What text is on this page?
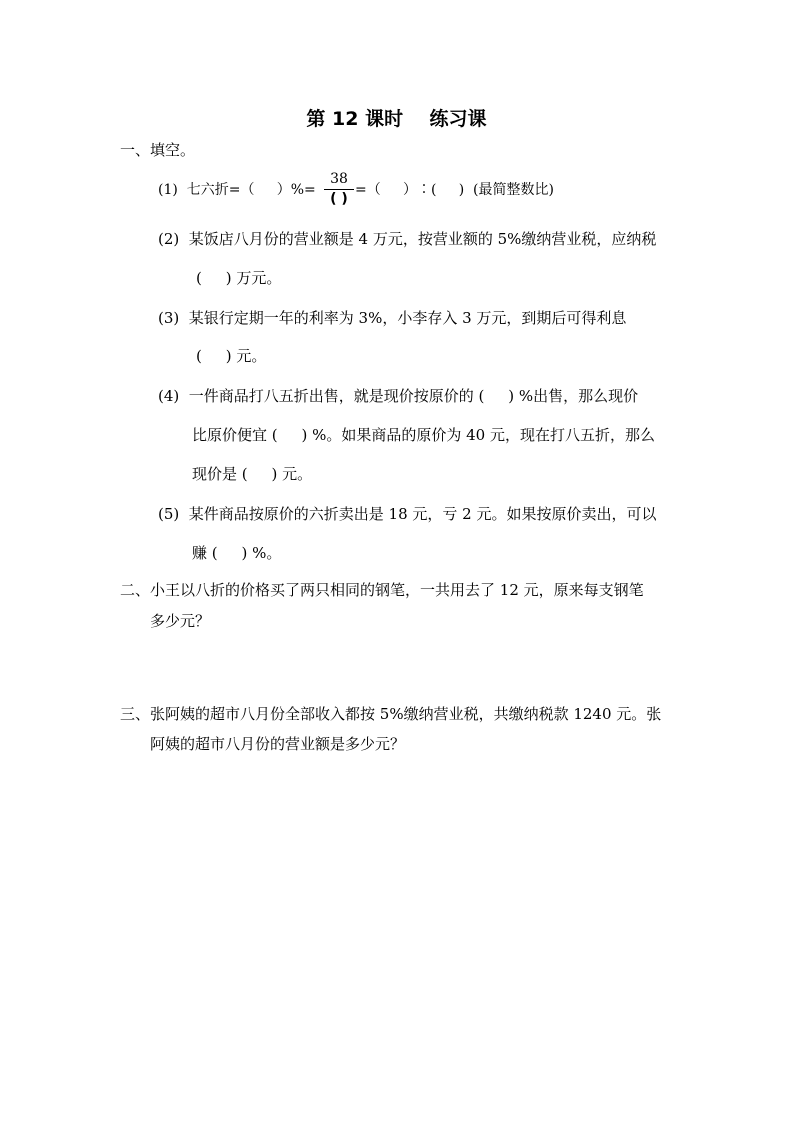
第 12 课时    练习课
一、填空。
(1)  七六折=（     ）%=
38
( )
=（     ）∶(     )  (最简整数比)
(2)  某饭店八月份的营业额是 4 万元，按营业额的 5%缴纳营业税，应纳税
(     ) 万元。
(3)  某银行定期一年的利率为 3%，小李存入 3 万元，到期后可得利息
(     ) 元。
(4)  一件商品打八五折出售，就是现价按原价的 (     ) %出售，那么现价
比原价便宜 (     ) %。如果商品的原价为 40 元，现在打八五折，那么
现价是 (     ) 元。
(5)  某件商品按原价的六折卖出是 18 元，亏 2 元。如果按原价卖出，可以
赚 (     ) %。
二、小王以八折的价格买了两只相同的钢笔，一共用去了 12 元，原来每支钢笔
多少元？
三、张阿姨的超市八月份全部收入都按 5%缴纳营业税，共缴纳税款 1240 元。张
阿姨的超市八月份的营业额是多少元？
